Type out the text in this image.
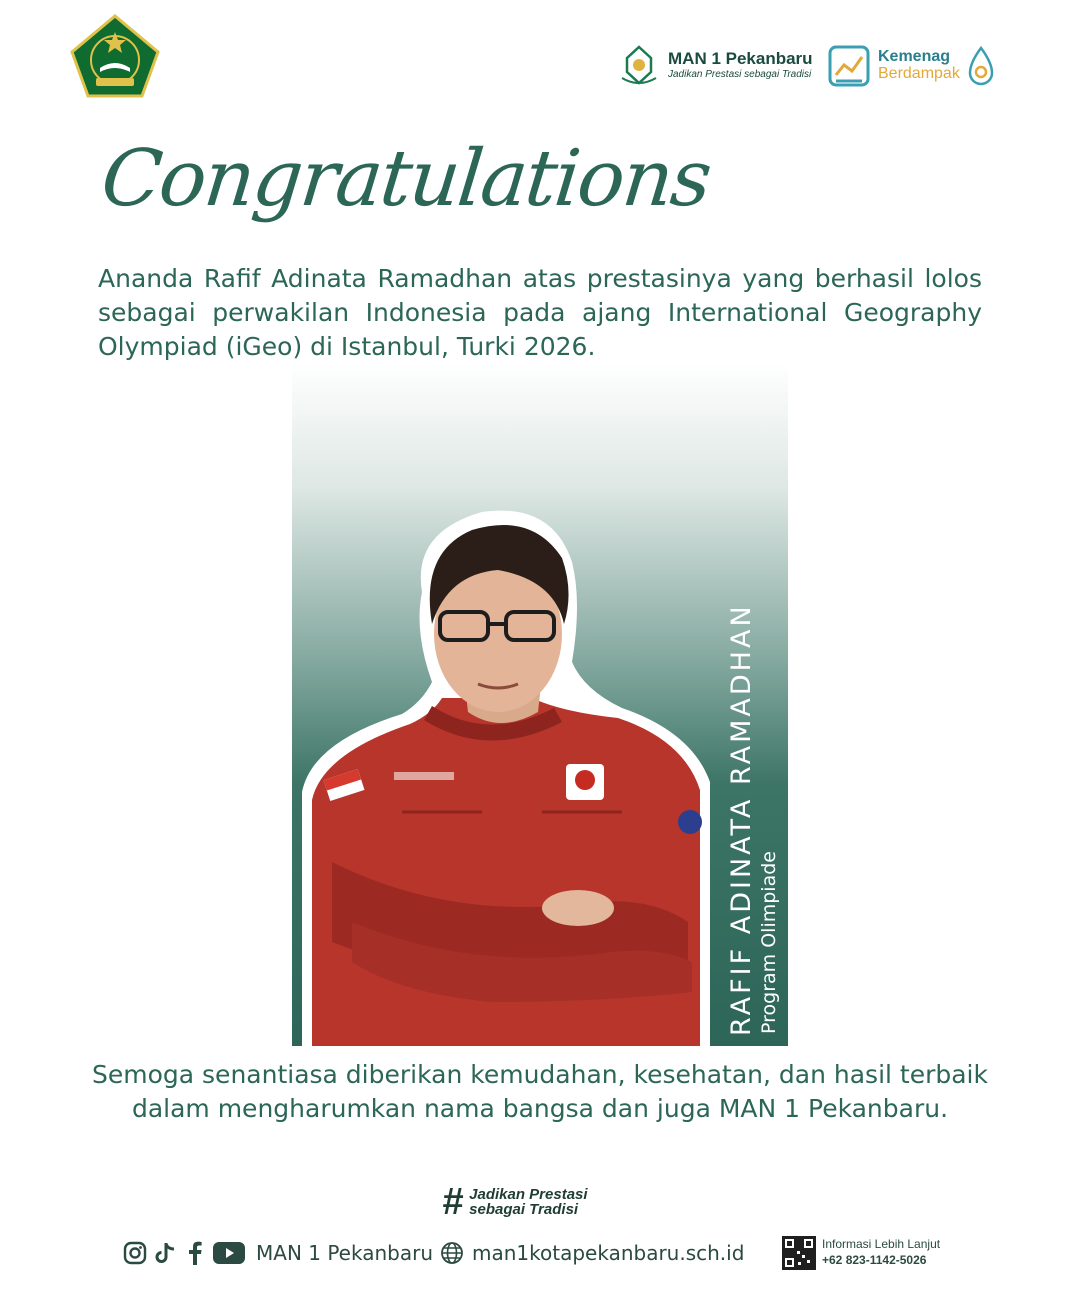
MAN 1 Pekanbaru
Jadikan Prestasi sebagai Tradisi
Kemenag
Berdampak
Congratulations

Ananda Rafif Adinata Ramadhan atas prestasinya yang berhasil lolos sebagai perwakilan Indonesia pada ajang International Geography Olympiad (iGeo) di Istanbul, Turki 2026.

RAFIF ADINATA RAMADHAN Program Olimpiade
Semoga senantiasa diberikan kemudahan, kesehatan, dan hasil terbaik
dalam mengharumkan nama bangsa dan juga MAN 1 Pekanbaru.
# Jadikan Prestasi
sebagai Tradisi
MAN 1 Pekanbaru man1kotapekanbaru.sch.id	Informasi Lebih Lanjut
+62 823-1142-5026
